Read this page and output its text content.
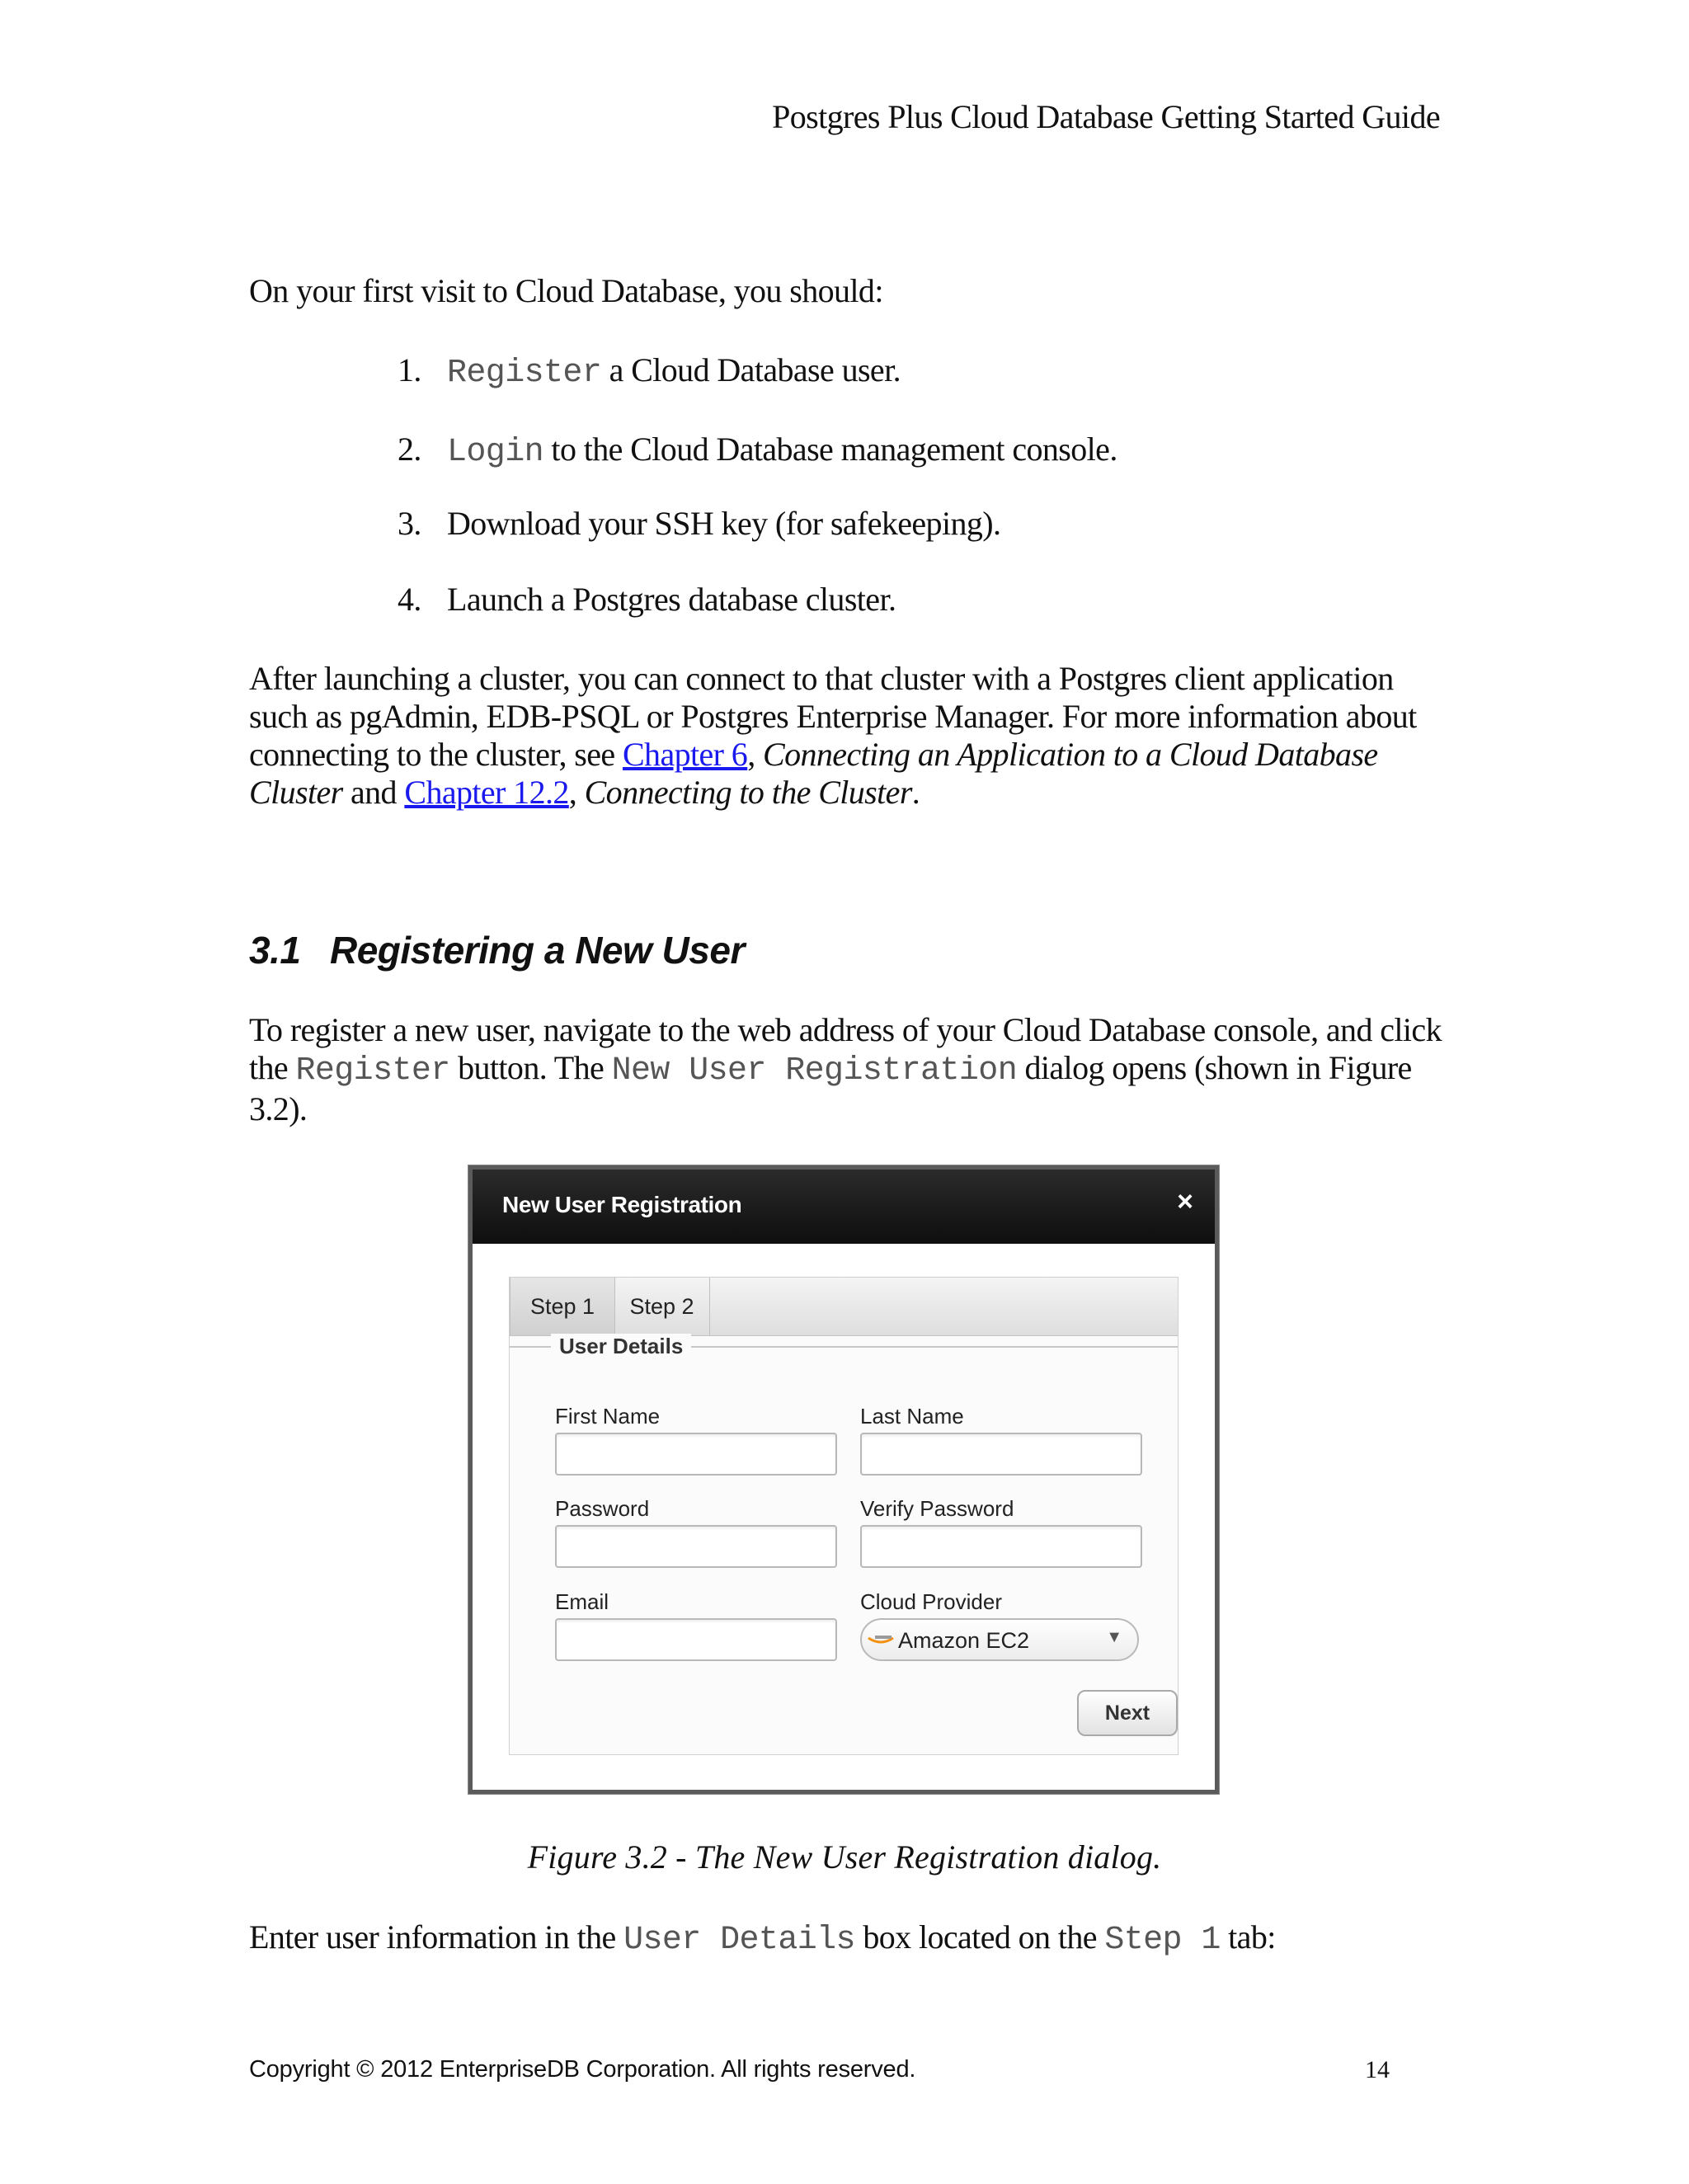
Postgres Plus Cloud Database Getting Started Guide
On your first visit to Cloud Database, you should:
1. Register a Cloud Database user.
2. Login to the Cloud Database management console.
3. Download your SSH key (for safekeeping).
4. Launch a Postgres database cluster.
After launching a cluster, you can connect to that cluster with a Postgres client application such as pgAdmin, EDB-PSQL or Postgres Enterprise Manager. For more information about connecting to the cluster, see Chapter 6, Connecting an Application to a Cloud Database Cluster and Chapter 12.2, Connecting to the Cluster.
3.1 Registering a New User
To register a new user, navigate to the web address of your Cloud Database console, and click the Register button. The New User Registration dialog opens (shown in Figure 3.2).
New User Registration	×
Step 1	Step 2
User Details
First Name	Last Name
Password	Verify Password
Email	Cloud Provider
Amazon EC2	▼
Next
Figure 3.2 - The New User Registration dialog.
Enter user information in the User Details box located on the Step 1 tab:
Copyright © 2012 EnterpriseDB Corporation. All rights reserved.	14
